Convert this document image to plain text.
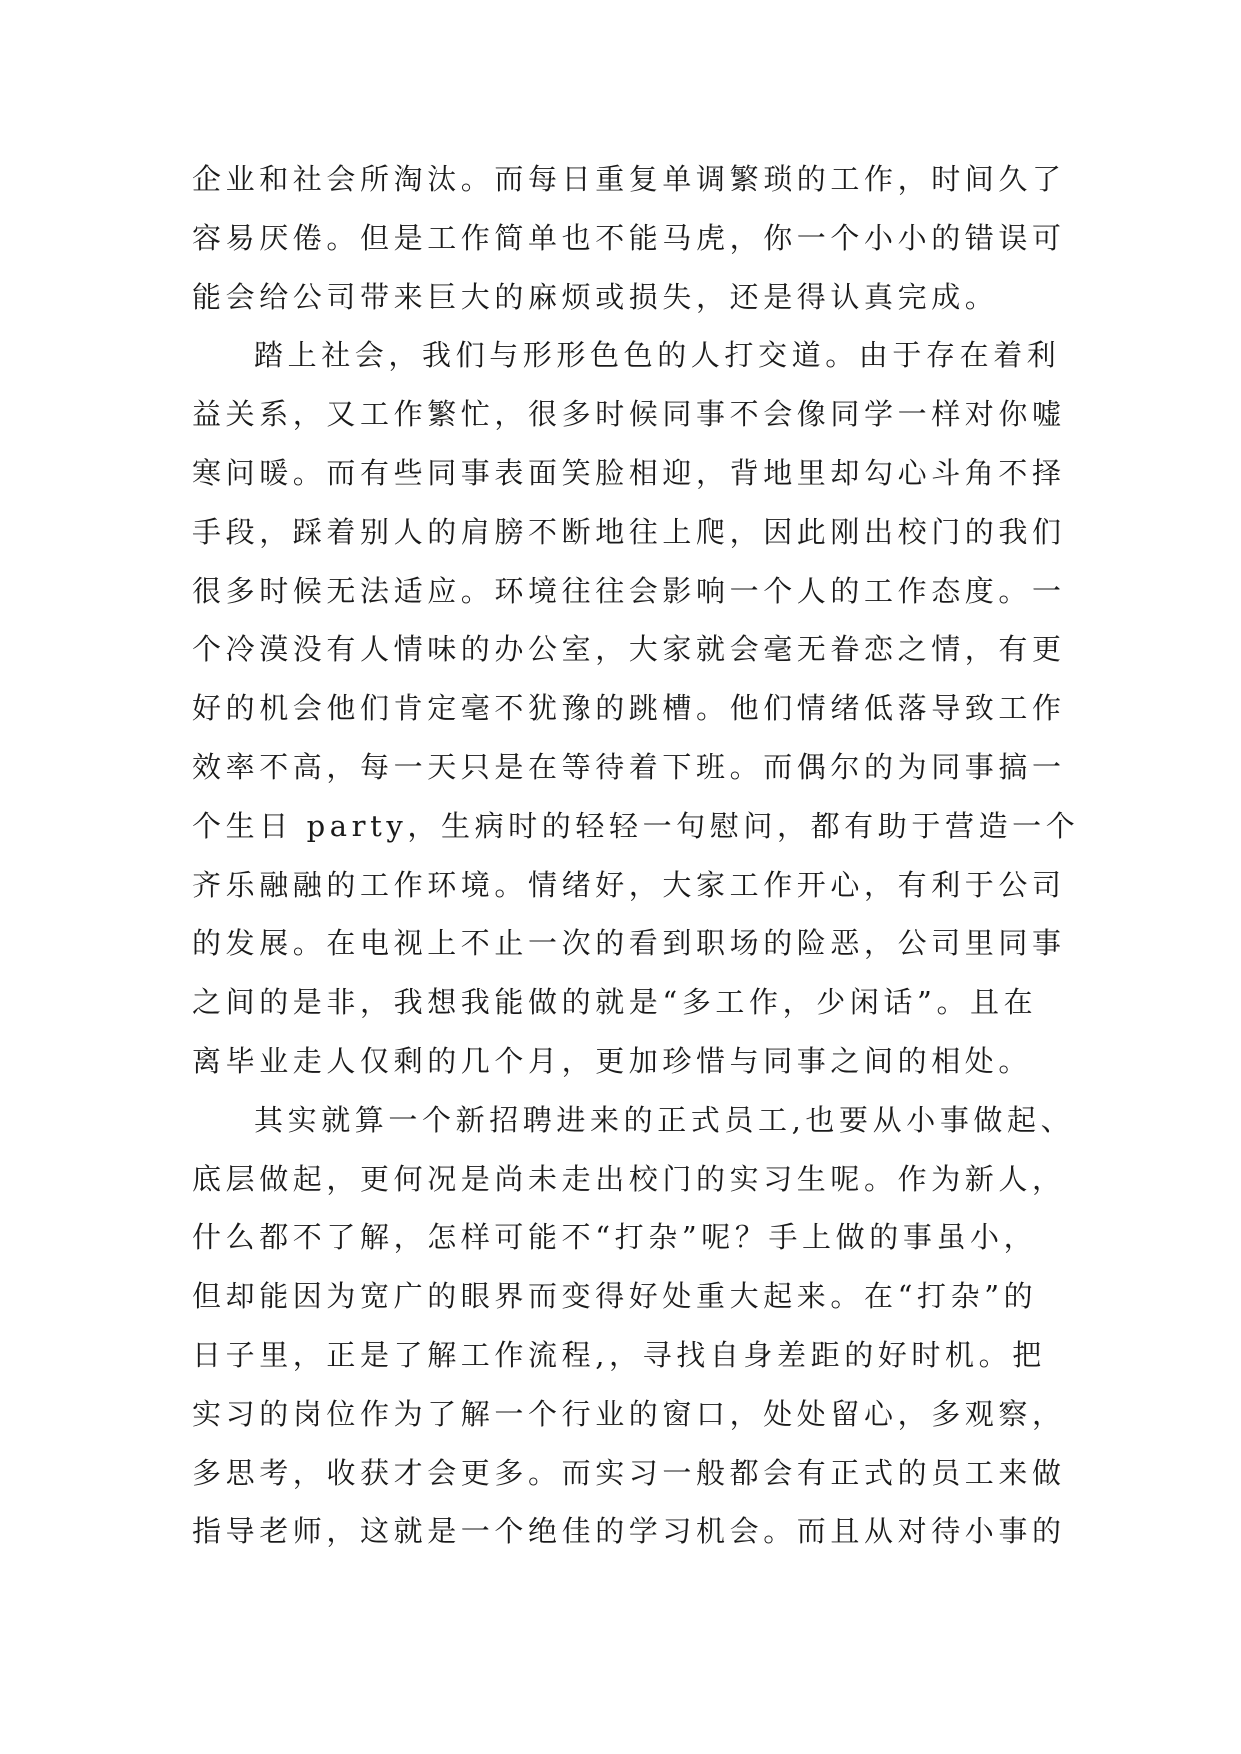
企业和社会所淘汰。而每日重复单调繁琐的工作，时间久了
容易厌倦。但是工作简单也不能马虎，你一个小小的错误可
能会给公司带来巨大的麻烦或损失，还是得认真完成。
踏上社会，我们与形形色色的人打交道。由于存在着利
益关系，又工作繁忙，很多时候同事不会像同学一样对你嘘
寒问暖。而有些同事表面笑脸相迎，背地里却勾心斗角不择
手段，踩着别人的肩膀不断地往上爬，因此刚出校门的我们
很多时候无法适应。环境往往会影响一个人的工作态度。一
个冷漠没有人情味的办公室，大家就会毫无眷恋之情，有更
好的机会他们肯定毫不犹豫的跳槽。他们情绪低落导致工作
效率不高，每一天只是在等待着下班。而偶尔的为同事搞一
个生日 party，生病时的轻轻一句慰问，都有助于营造一个
齐乐融融的工作环境。情绪好，大家工作开心，有利于公司
的发展。在电视上不止一次的看到职场的险恶，公司里同事
之间的是非，我想我能做的就是“多工作，少闲话”。且在
离毕业走人仅剩的几个月，更加珍惜与同事之间的相处。
其实就算一个新招聘进来的正式员工,也要从小事做起、
底层做起，更何况是尚未走出校门的实习生呢。作为新人，
什么都不了解，怎样可能不“打杂”呢？手上做的事虽小，
但却能因为宽广的眼界而变得好处重大起来。在“打杂”的
日子里，正是了解工作流程,，寻找自身差距的好时机。把
实习的岗位作为了解一个行业的窗口，处处留心，多观察，
多思考，收获才会更多。而实习一般都会有正式的员工来做
指导老师，这就是一个绝佳的学习机会。而且从对待小事的
